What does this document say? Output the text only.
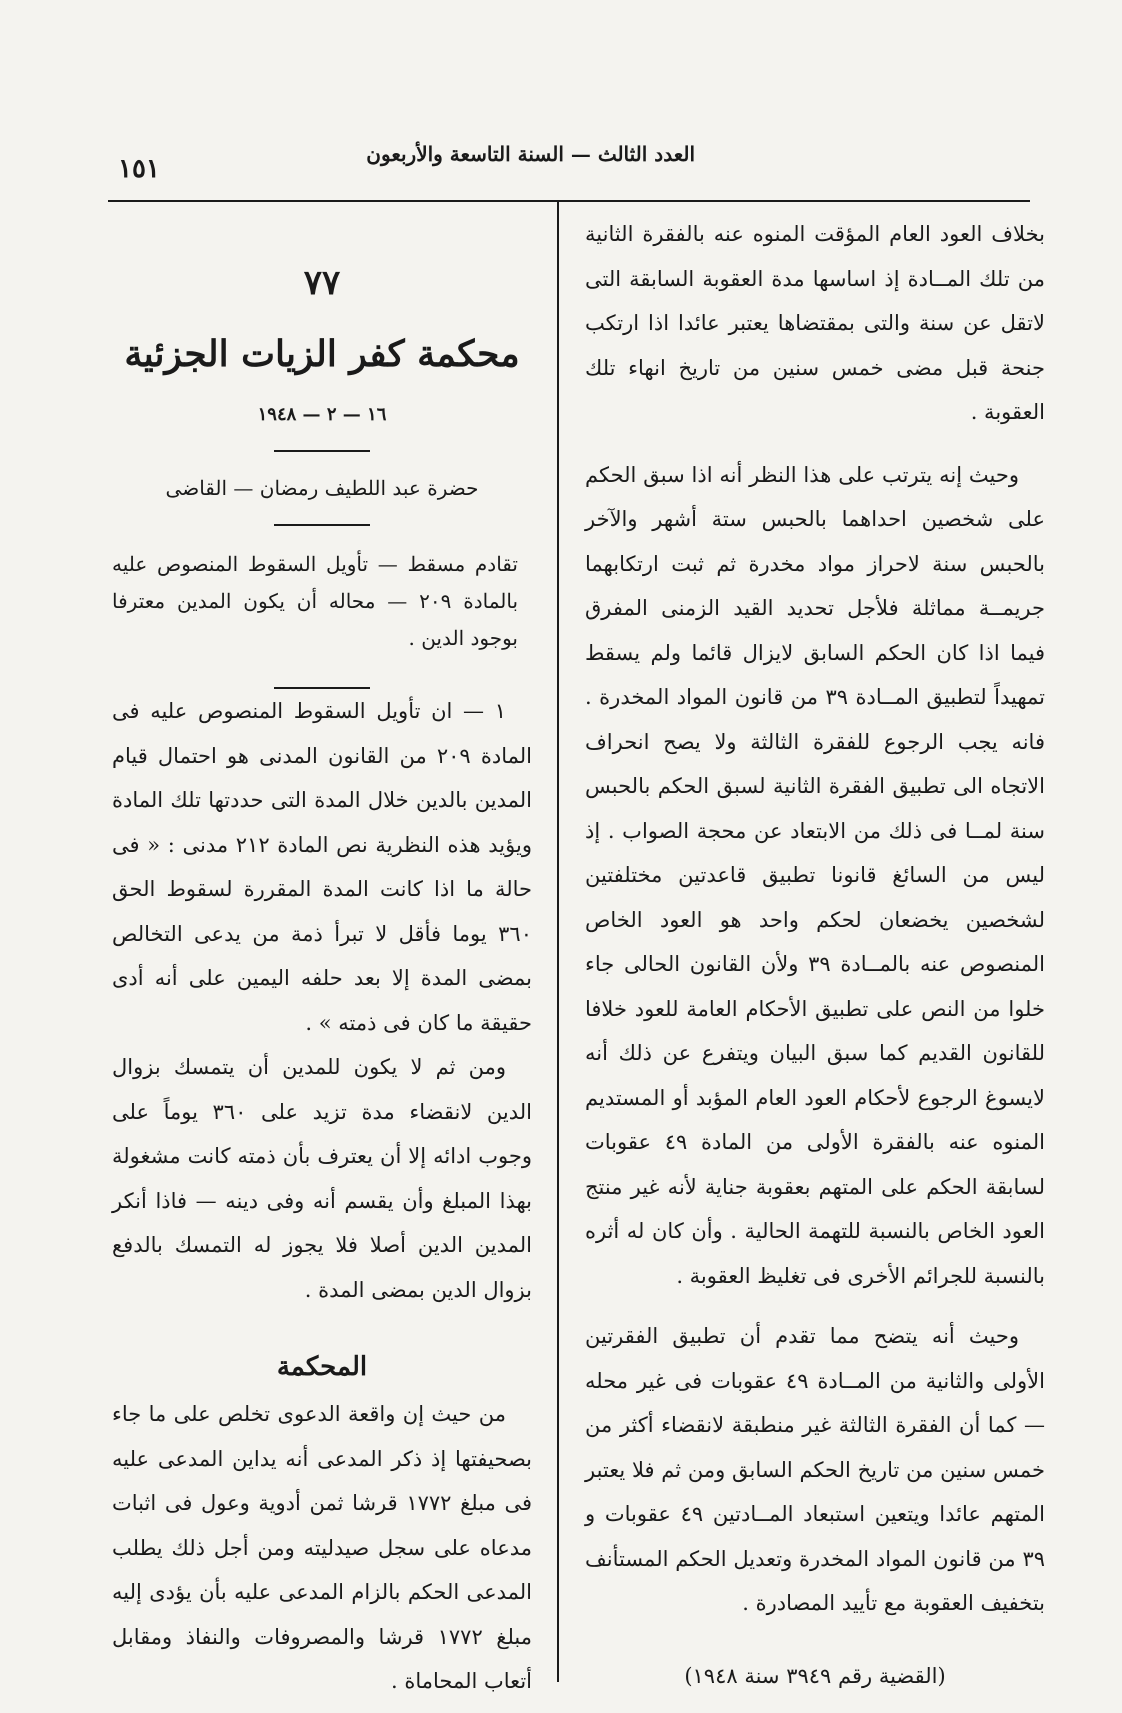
العدد الثالث — السنة التاسعة والأربعون
١٥١

بخلاف العود العام المؤقت المنوه عنه بالفقرة الثانية من تلك المــادة إذ اساسها مدة العقوبة السابقة التى لاتقل عن سنة والتى بمقتضاها يعتبر عائدا اذا ارتكب جنحة قبل مضى خمس سنين من تاريخ انهاء تلك العقوبة .

وحيث إنه يترتب على هذا النظر أنه اذا سبق الحكم على شخصين احداهما بالحبس ستة أشهر والآخر بالحبس سنة لاحراز مواد مخدرة ثم ثبت ارتكابهما جريمــة مماثلة فلأجل تحديد القيد الزمنى المفرق فيما اذا كان الحكم السابق لايزال قائما ولم يسقط تمهيداً لتطبيق المــادة ٣٩ من قانون المواد المخدرة . فانه يجب الرجوع للفقرة الثالثة ولا يصح انحراف الاتجاه الى تطبيق الفقرة الثانية لسبق الحكم بالحبس سنة لمــا فى ذلك من الابتعاد عن محجة الصواب . إذ ليس من السائغ قانونا تطبيق قاعدتين مختلفتين لشخصين يخضعان لحكم واحد هو العود الخاص المنصوص عنه بالمــادة ٣٩ ولأن القانون الحالى جاء خلوا من النص على تطبيق الأحكام العامة للعود خلافا للقانون القديم كما سبق البيان ويتفرع عن ذلك أنه لايسوغ الرجوع لأحكام العود العام المؤبد أو المستديم المنوه عنه بالفقرة الأولى من المادة ٤٩ عقوبات لسابقة الحكم على المتهم بعقوبة جناية لأنه غير منتج العود الخاص بالنسبة للتهمة الحالية . وأن كان له أثره بالنسبة للجرائم الأخرى فى تغليظ العقوبة .

وحيث أنه يتضح مما تقدم أن تطبيق الفقرتين الأولى والثانية من المــادة ٤٩ عقوبات فى غير محله — كما أن الفقرة الثالثة غير منطبقة لانقضاء أكثر من خمس سنين من تاريخ الحكم السابق ومن ثم فلا يعتبر المتهم عائدا ويتعين استبعاد المــادتين ٤٩ عقوبات و ٣٩ من قانون المواد المخدرة وتعديل الحكم المستأنف بتخفيف العقوبة مع تأييد المصادرة .

(القضية رقم ٣٩٤٩ سنة ١٩٤٨)

٧٧
محكمة كفر الزيات الجزئية
١٦ — ٢ — ١٩٤٨
حضرة عبد اللطيف رمضان — القاضى

تقادم مسقط — تأويل السقوط المنصوص عليه بالمادة ٢٠٩ — محاله أن يكون المدين معترفا بوجود الدين .

١ — ان تأويل السقوط المنصوص عليه فى المادة ٢٠٩ من القانون المدنى هو احتمال قيام المدين بالدين خلال المدة التى حددتها تلك المادة ويؤيد هذه النظرية نص المادة ٢١٢ مدنى : « فى حالة ما اذا كانت المدة المقررة لسقوط الحق ٣٦٠ يوما فأقل لا تبرأ ذمة من يدعى التخالص بمضى المدة إلا بعد حلفه اليمين على أنه أدى حقيقة ما كان فى ذمته » .

ومن ثم لا يكون للمدين أن يتمسك بزوال الدين لانقضاء مدة تزيد على ٣٦٠ يوماً على وجوب ادائه إلا أن يعترف بأن ذمته كانت مشغولة بهذا المبلغ وأن يقسم أنه وفى دينه — فاذا أنكر المدين الدين أصلا فلا يجوز له التمسك بالدفع بزوال الدين بمضى المدة .

المحكمة

من حيث إن واقعة الدعوى تخلص على ما جاء بصحيفتها إذ ذكر المدعى أنه يداين المدعى عليه فى مبلغ ١٧٧٢ قرشا ثمن أدوية وعول فى اثبات مدعاه على سجل صيدليته ومن أجل ذلك يطلب المدعى الحكم بالزام المدعى عليه بأن يؤدى إليه مبلغ ١٧٧٢ قرشا والمصروفات والنفاذ ومقابل أتعاب المحاماة .
